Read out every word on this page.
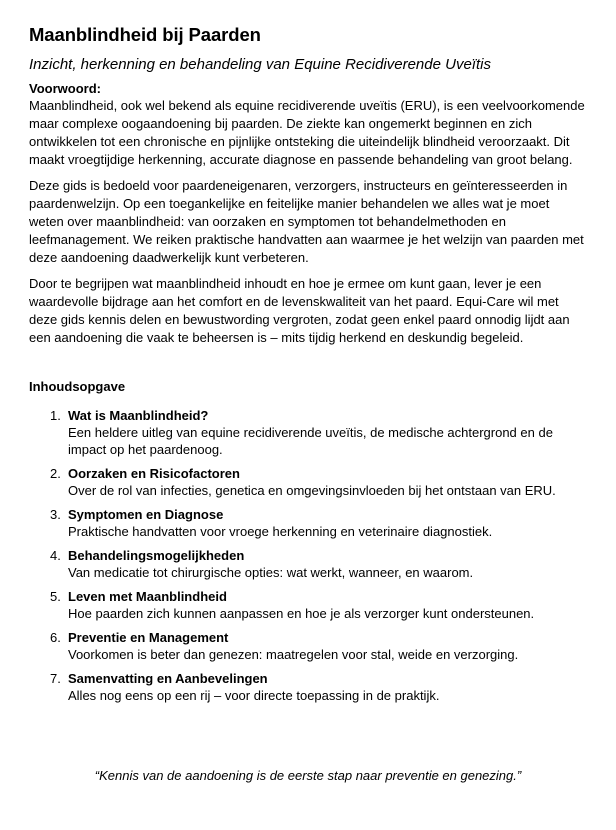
Maanblindheid bij Paarden

Inzicht, herkenning en behandeling van Equine Recidiverende Uveïtis

Voorwoord:

Maanblindheid, ook wel bekend als equine recidiverende uveïtis (ERU), is een veelvoorkomende maar complexe oogaandoening bij paarden. De ziekte kan ongemerkt beginnen en zich ontwikkelen tot een chronische en pijnlijke ontsteking die uiteindelijk blindheid veroorzaakt. Dit maakt vroegtijdige herkenning, accurate diagnose en passende behandeling van groot belang.

Deze gids is bedoeld voor paardeneigenaren, verzorgers, instructeurs en geïnteresseerden in paardenwelzijn. Op een toegankelijke en feitelijke manier behandelen we alles wat je moet weten over maanblindheid: van oorzaken en symptomen tot behandelmethoden en leefmanagement. We reiken praktische handvatten aan waarmee je het welzijn van paarden met deze aandoening daadwerkelijk kunt verbeteren.

Door te begrijpen wat maanblindheid inhoudt en hoe je ermee om kunt gaan, lever je een waardevolle bijdrage aan het comfort en de levenskwaliteit van het paard. Equi-Care wil met deze gids kennis delen en bewustwording vergroten, zodat geen enkel paard onnodig lijdt aan een aandoening die vaak te beheersen is – mits tijdig herkend en deskundig begeleid.

Inhoudsopgave
1. Wat is Maanblindheid?
Een heldere uitleg van equine recidiverende uveïtis, de medische achtergrond en de impact op het paardenoog.
2. Oorzaken en Risicofactoren
Over de rol van infecties, genetica en omgevingsinvloeden bij het ontstaan van ERU.
3. Symptomen en Diagnose
Praktische handvatten voor vroege herkenning en veterinaire diagnostiek.
4. Behandelingsmogelijkheden
Van medicatie tot chirurgische opties: wat werkt, wanneer, en waarom.
5. Leven met Maanblindheid
Hoe paarden zich kunnen aanpassen en hoe je als verzorger kunt ondersteunen.
6. Preventie en Management
Voorkomen is beter dan genezen: maatregelen voor stal, weide en verzorging.
7. Samenvatting en Aanbevelingen
Alles nog eens op een rij – voor directe toepassing in de praktijk.
“Kennis van de aandoening is de eerste stap naar preventie en genezing.”
